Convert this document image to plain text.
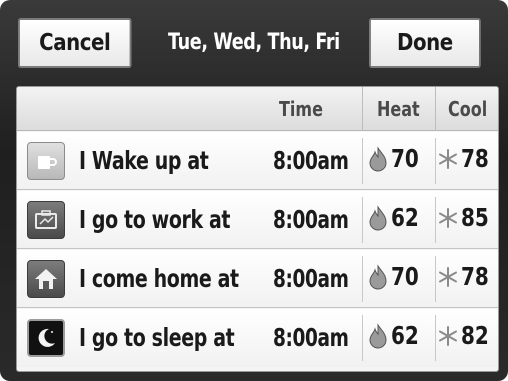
Cancel	Tue, Wed, Thu, Fri	Done
Time	Heat Cool
I Wake up at	8:00am 70 78
I go to work at 8:00am 62 85
I come home at 8:00am 70 78
I go to sleep at 8:00am 62 82
